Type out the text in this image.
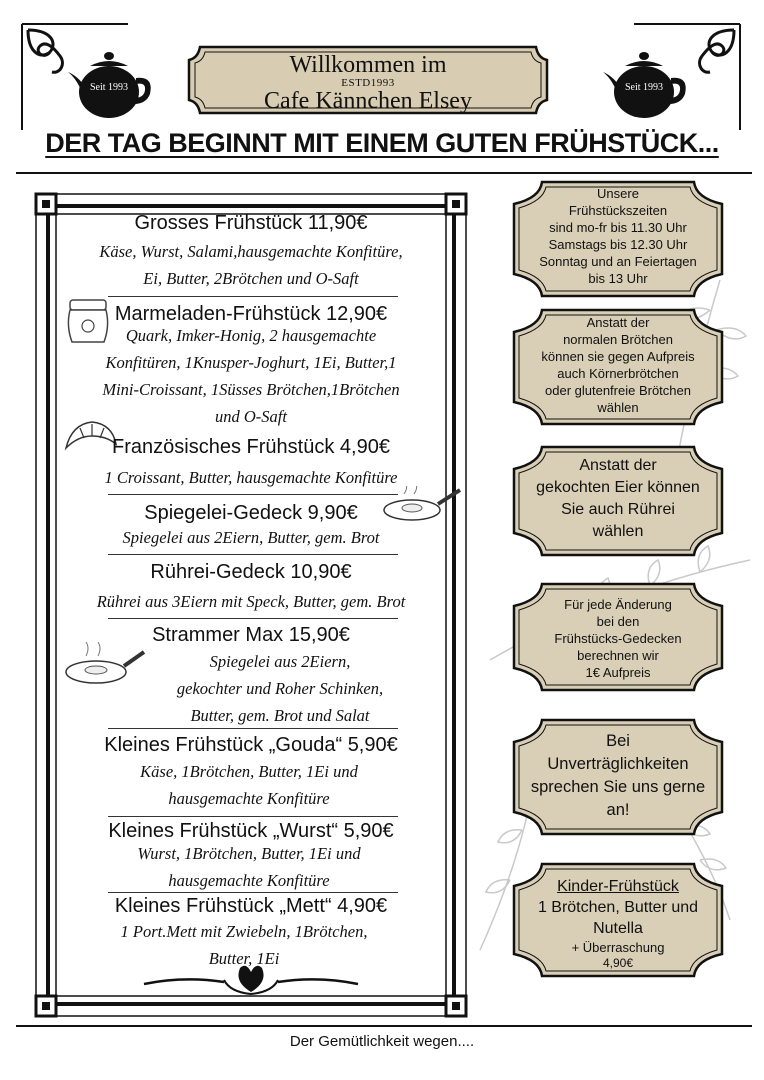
Seit 1993	Seit 1993
Willkommen im
ESTD1993
Cafe Kännchen Elsey
DER TAG BEGINNT MIT EINEM GUTEN FRÜHSTÜCK...
Grosses Frühstück 11,90€
Käse, Wurst, Salami,hausgemachte Konfitüre,
Ei, Butter, 2Brötchen und O-Saft
Marmeladen-Frühstück 12,90€
Quark, Imker-Honig, 2 hausgemachte
Konfitüren, 1Knusper-Joghurt, 1Ei, Butter,1
Mini-Croissant, 1Süsses Brötchen,1Brötchen
und O-Saft
Französisches Frühstück 4,90€
1 Croissant, Butter, hausgemachte Konfitüre
Spiegelei-Gedeck 9,90€
Spiegelei aus 2Eiern, Butter, gem. Brot
Rührei-Gedeck 10,90€
Rührei aus 3Eiern mit Speck, Butter, gem. Brot
Strammer Max 15,90€
Spiegelei aus 2Eiern,
gekochter und Roher Schinken,
Butter, gem. Brot und Salat
Kleines Frühstück „Gouda“ 5,90€
Käse, 1Brötchen, Butter, 1Ei und
hausgemachte Konfitüre
Kleines Frühstück „Wurst“ 5,90€
Wurst, 1Brötchen, Butter, 1Ei und
hausgemachte Konfitüre
Kleines Frühstück „Mett“ 4,90€
1 Port.Mett mit Zwiebeln, 1Brötchen,
Butter, 1Ei
Unsere
Frühstückszeiten
sind mo-fr bis 11.30 Uhr
Samstags bis 12.30 Uhr
Sonntag und an Feiertagen
bis 13 Uhr
Anstatt der
normalen Brötchen
können sie gegen Aufpreis
auch Körnerbrötchen
oder glutenfreie Brötchen
wählen
Anstatt der
gekochten Eier können
Sie auch Rührei
wählen
Für jede Änderung
bei den
Frühstücks-Gedecken
berechnen wir
1€ Aufpreis
Bei
Unverträglichkeiten
sprechen Sie uns gerne
an!
Kinder-Frühstück
1 Brötchen, Butter und
Nutella
+ Überraschung
4,90€
Der Gemütlichkeit wegen....
